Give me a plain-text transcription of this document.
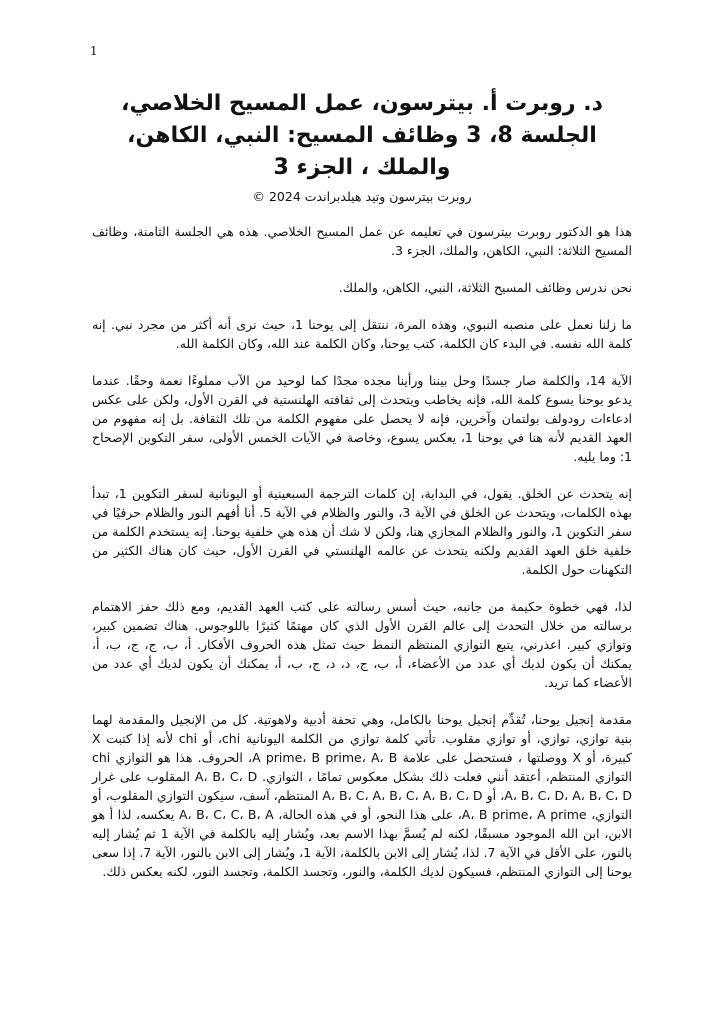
1
د. روبرت أ. بيترسون، عمل المسيح الخلاصي،
الجلسة 8، 3 وظائف المسيح: النبي، الكاهن،
والملك ، الجزء 3
روبرت بيترسون وتيد هيلدبراندت 2024 ©

هذا هو الدكتور روبرت بيترسون في تعليمه عن عمل المسيح الخلاصي. هذه هي الجلسة الثامنة، وظائف المسيح الثلاثة: النبي، الكاهن، والملك، الجزء 3.

نحن ندرس وظائف المسيح الثلاثة، النبي، الكاهن، والملك.

ما زلنا نعمل على منصبه النبوي، وهذه المرة، ننتقل إلى يوحنا 1، حيث نرى أنه أكثر من مجرد نبي. إنه كلمة الله نفسه. في البدء كان الكلمة، كتب يوحنا، وكان الكلمة عند الله، وكان الكلمة الله.

الآية 14، والكلمة صار جسدًا وحل بيننا ورأينا مجده مجدًا كما لوحيد من الآب مملوءًا نعمة وحقًا. عندما يدعو يوحنا يسوع كلمة الله، فإنه يخاطب ويتحدث إلى ثقافته الهلنستية في القرن الأول، ولكن على عكس ادعاءات رودولف بولتمان وآخرين، فإنه لا يحصل على مفهوم الكلمة من تلك الثقافة. بل إنه مفهوم من العهد القديم لأنه هنا في يوحنا 1، يعكس يسوع، وخاصة في الآيات الخمس الأولى، سفر التكوين الإصحاح 1: وما يليه.

إنه يتحدث عن الخلق. يقول، في البداية، إن كلمات الترجمة السبعينية أو اليونانية لسفر التكوين 1، تبدأ بهذه الكلمات، ويتحدث عن الخلق في الآية 3، والنور والظلام في الآية 5. أنا أفهم النور والظلام حرفيًا في سفر التكوين 1، والنور والظلام المجازي هنا، ولكن لا شك أن هذه هي خلفية يوحنا. إنه يستخدم الكلمة من خلفية خلق العهد القديم ولكنه يتحدث عن عالمه الهلنستي في القرن الأول، حيث كان هناك الكثير من التكهنات حول الكلمة.

لذا، فهي خطوة حكيمة من جانبه، حيث أسس رسالته على كتب العهد القديم، ومع ذلك حفز الاهتمام برسالته من خلال التحدث إلى عالم القرن الأول الذي كان مهتمًا كثيرًا باللوجوس. هناك تضمين كبير، وتوازي كبير. اعذرني، يتبع التوازي المنتظم النمط حيث تمثل هذه الحروف الأفكار. أ، ب، ج، ج، ب، أ، يمكنك أن يكون لديك أي عدد من الأعضاء، أ، ب، ج، د، د، ج، ب، أ، يمكنك أن يكون لديك أي عدد من الأعضاء كما تريد.

مقدمة إنجيل يوحنا، تُقدِّم إنجيل يوحنا بالكامل، وهي تحفة أدبية ولاهوتية. كل من الإنجيل والمقدمة لهما بنية توازي، توازي، أو توازي مقلوب. تأتي كلمة توازي من الكلمة اليونانية chi، أو chi لأنه إذا كتبت X كبيرة، أو X ووصلتها ، فستحصل على علامة A prime، B prime، A، B، الحروف. هذا هو التوازي chi التوازي المنتظم، أعتقد أنني فعلت ذلك بشكل معكوس تمامًا ، التوازي. A، B، C، D المقلوب على غرار A، B، C، D، A، B، C، D، أو A، B، C، A، B، C، A، B، C، D المنتظم، آسف، سيكون التوازي المقلوب، أو التوازي، A، B prime، A prime، على هذا النحو، أو في هذه الحالة، A، B، C، C، B، A يعكسه، لذا أ هو الابن، ابن الله الموجود مسبقًا، لكنه لم يُسمَّ بهذا الاسم بعد، ويُشار إليه بالكلمة في الآية 1 ثم يُشار إليه بالنور، على الأقل في الآية 7. لذا، يُشار إلى الابن بالكلمة، الآية 1، ويُشار إلى الابن بالنور، الآية 7. إذا سعى يوحنا إلى التوازي المنتظم، فسيكون لديك الكلمة، والنور، وتجسد الكلمة، وتجسد النور، لكنه يعكس ذلك.
